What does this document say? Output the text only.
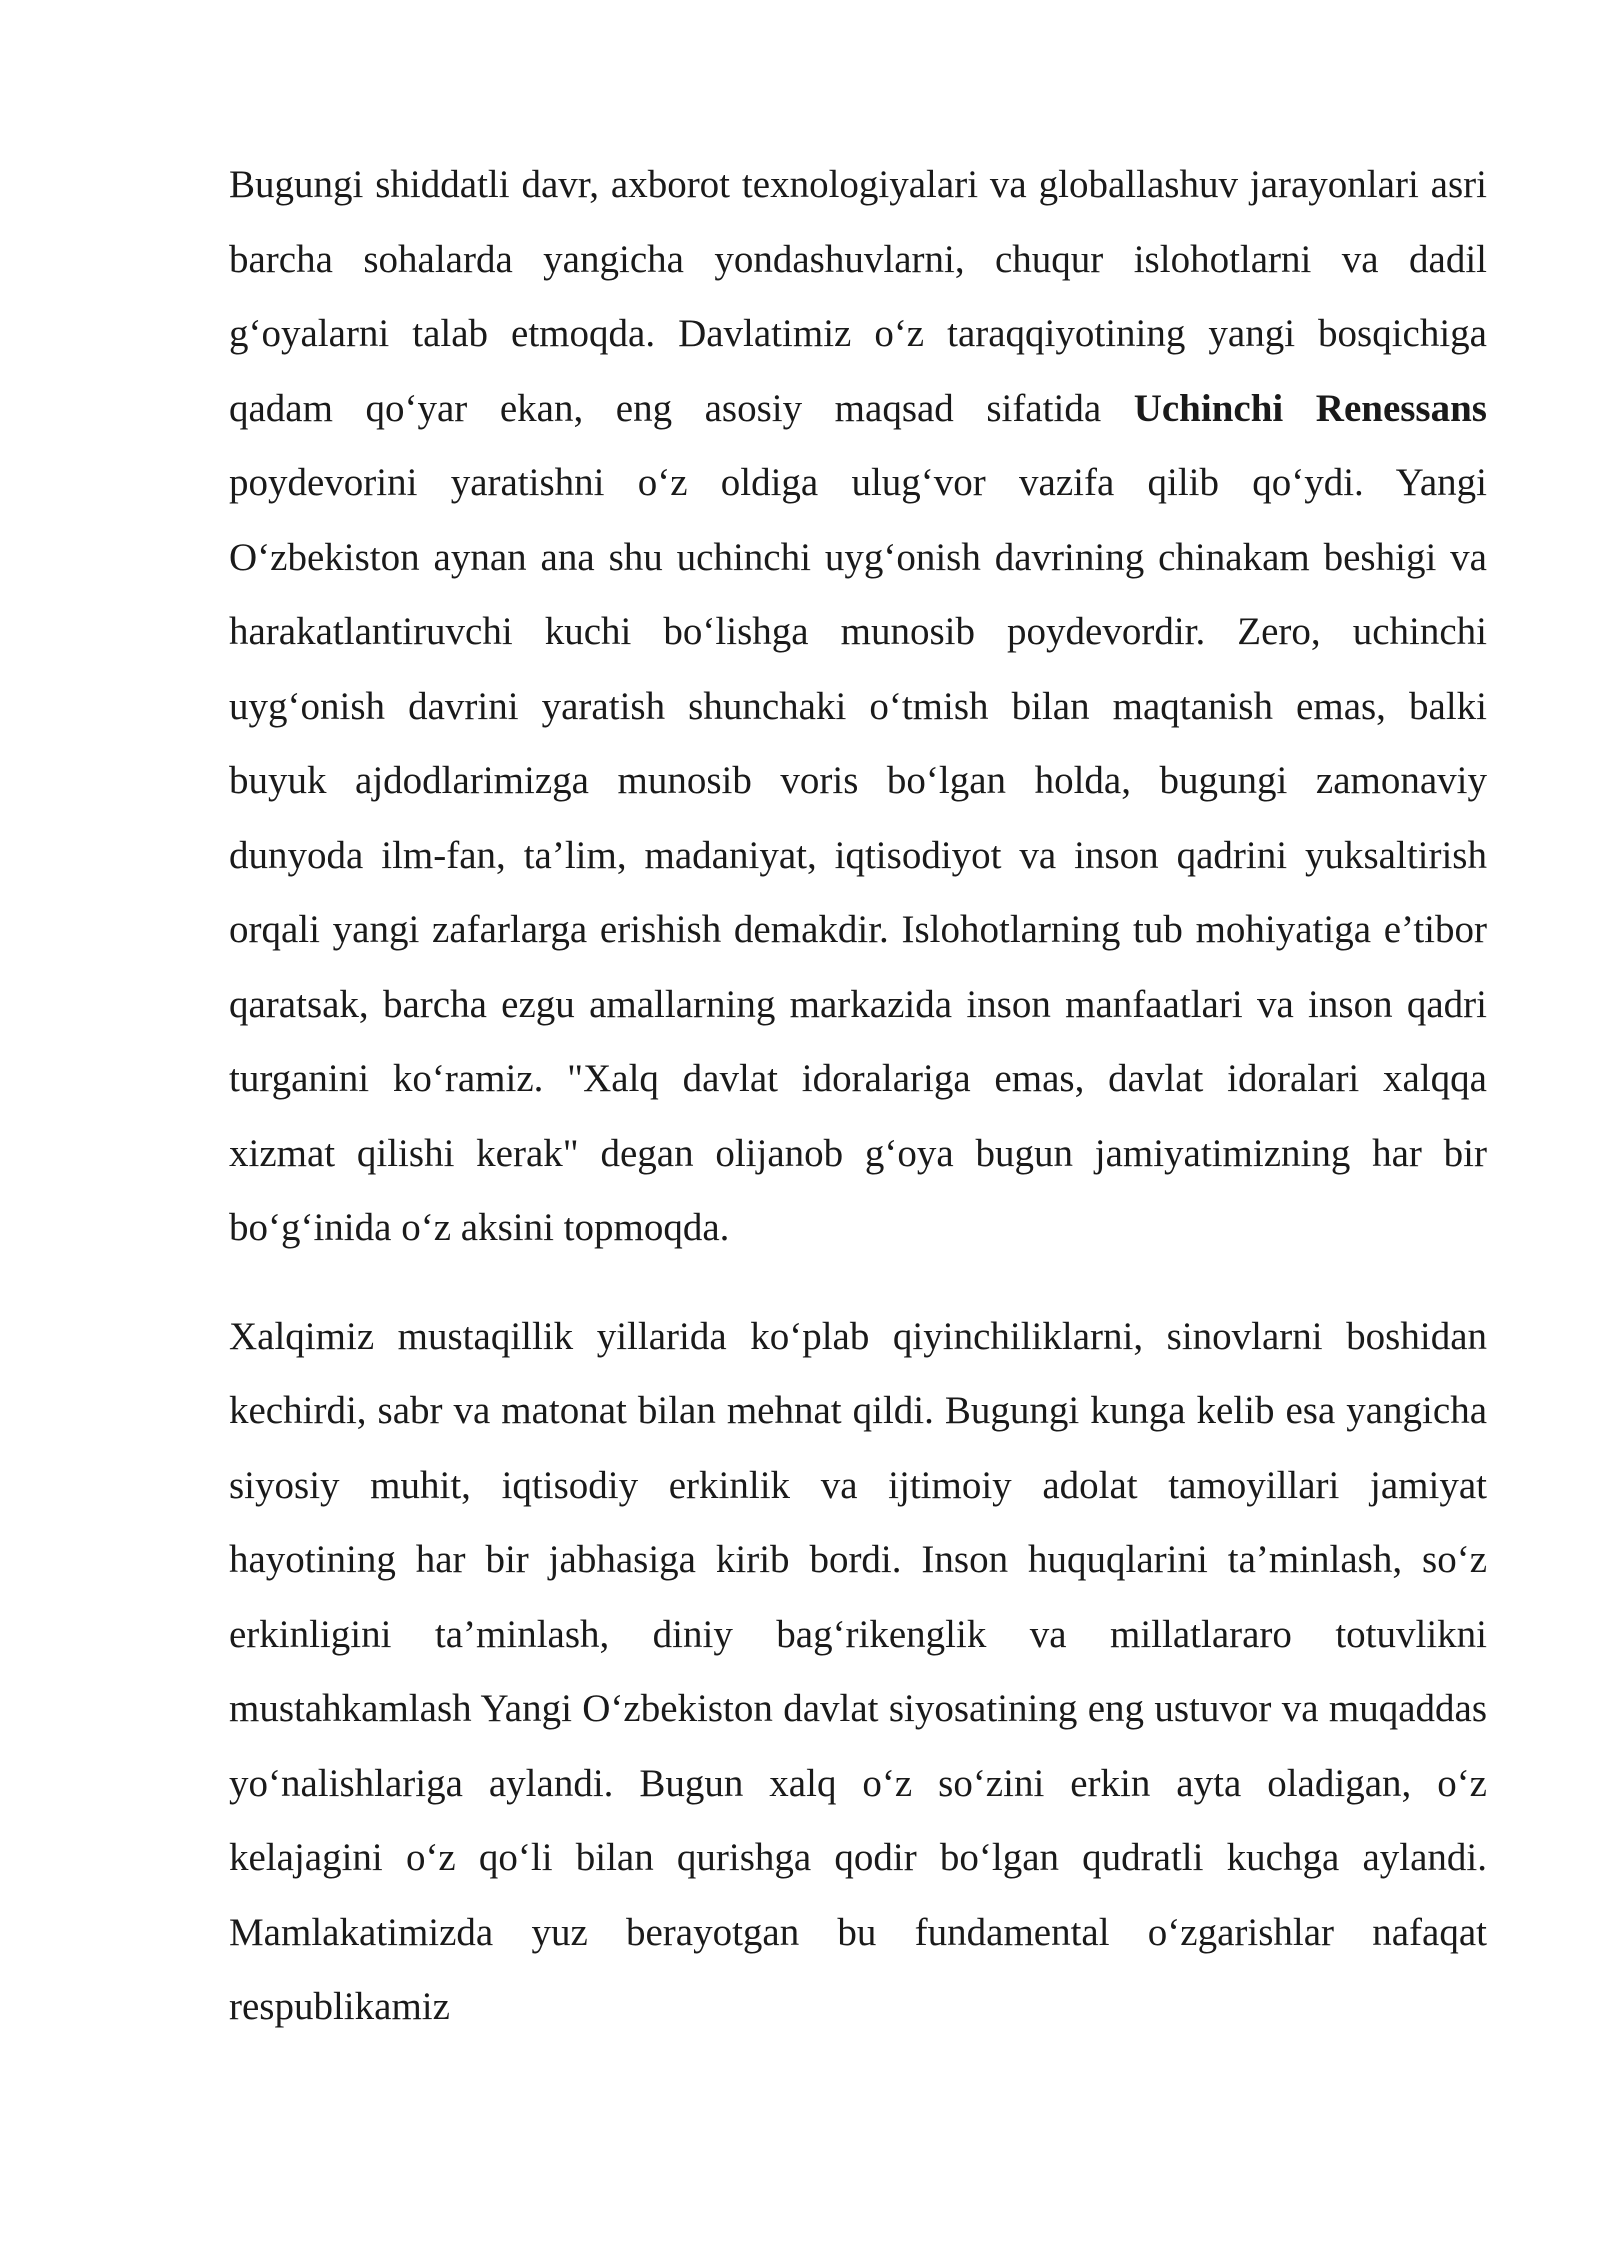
Bugungi shiddatli davr, axborot texnologiyalari va globallashuv jarayonlari asri barcha sohalarda yangicha yondashuvlarni, chuqur islohotlarni va dadil g‘oyalarni talab etmoqda. Davlatimiz o‘z taraqqiyotining yangi bosqichiga qadam qo‘yar ekan, eng asosiy maqsad sifatida Uchinchi Renessans poydevorini yaratishni o‘z oldiga ulug‘vor vazifa qilib qo‘ydi. Yangi O‘zbekiston aynan ana shu uchinchi uyg‘onish davrining chinakam beshigi va harakatlantiruvchi kuchi bo‘lishga munosib poydevordir. Zero, uchinchi uyg‘onish davrini yaratish shunchaki o‘tmish bilan maqtanish emas, balki buyuk ajdodlarimizga munosib voris bo‘lgan holda, bugungi zamonaviy dunyoda ilm-fan, ta’lim, madaniyat, iqtisodiyot va inson qadrini yuksaltirish orqali yangi zafarlarga erishish demakdir. Islohotlarning tub mohiyatiga e’tibor qaratsak, barcha ezgu amallarning markazida inson manfaatlari va inson qadri turganini ko‘ramiz. "Xalq davlat idoralariga emas, davlat idoralari xalqqa xizmat qilishi kerak" degan olijanob g‘oya bugun jamiyatimizning har bir bo‘g‘inida o‘z aksini topmoqda.

Xalqimiz mustaqillik yillarida ko‘plab qiyinchiliklarni, sinovlarni boshidan kechirdi, sabr va matonat bilan mehnat qildi. Bugungi kunga kelib esa yangicha siyosiy muhit, iqtisodiy erkinlik va ijtimoiy adolat tamoyillari jamiyat hayotining har bir jabhasiga kirib bordi. Inson huquqlarini ta’minlash, so‘z erkinligini ta’minlash, diniy bag‘rikenglik va millatlararo totuvlikni mustahkamlash Yangi O‘zbekiston davlat siyosatining eng ustuvor va muqaddas yo‘nalishlariga aylandi. Bugun xalq o‘z so‘zini erkin ayta oladigan, o‘z kelajagini o‘z qo‘li bilan qurishga qodir bo‘lgan qudratli kuchga aylandi. Mamlakatimizda yuz berayotgan bu fundamental o‘zgarishlar nafaqat respublikamiz
